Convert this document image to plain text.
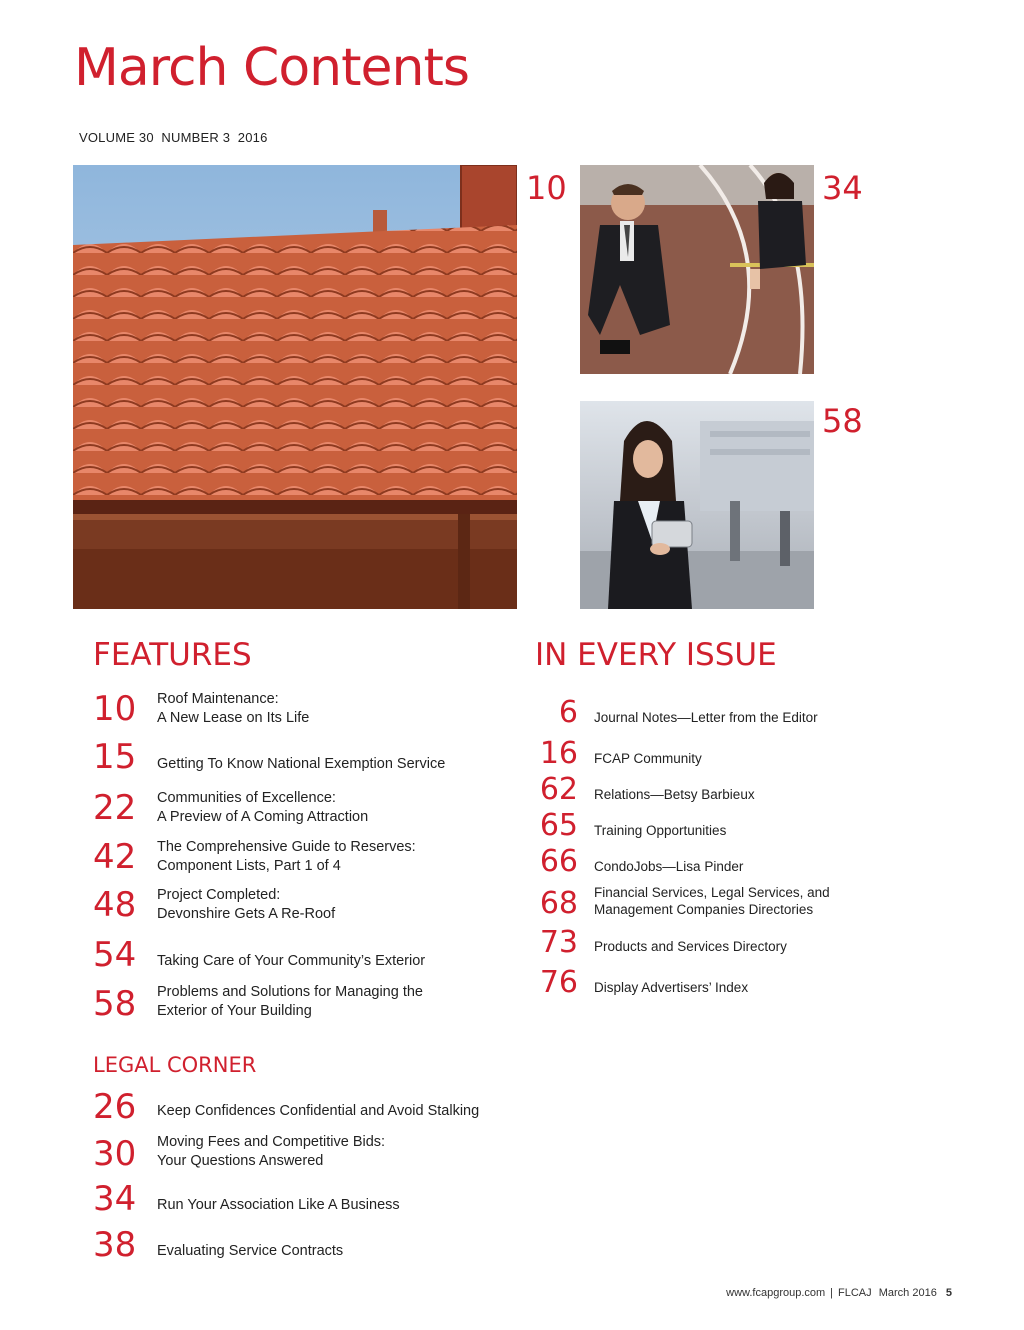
March Contents
VOLUME 30  NUMBER 3  2016
10	34
58
FEATURES
10	Roof Maintenance:
A New Lease on Its Life
15	Getting To Know National Exemption Service
22	Communities of Excellence:
A Preview of A Coming Attraction
42	The Comprehensive Guide to Reserves:
Component Lists, Part 1 of 4
48	Project Completed:
Devonshire Gets A Re-Roof
54	Taking Care of Your Community’s Exterior
58	Problems and Solutions for Managing the
Exterior of Your Building
LEGAL CORNER
26	Keep Confidences Confidential and Avoid Stalking
30	Moving Fees and Competitive Bids:
Your Questions Answered
34	Run Your Association Like A Business
38	Evaluating Service Contracts
IN EVERY ISSUE
6 Journal Notes—Letter from the Editor
16 FCAP Community
62 Relations—Betsy Barbieux
65 Training Opportunities
66 CondoJobs—Lisa Pinder
68 Financial Services, Legal Services, and
Management Companies Directories
73 Products and Services Directory
76 Display Advertisers’ Index
www.fcapgroup.com | FLCAJ March 2016 5
